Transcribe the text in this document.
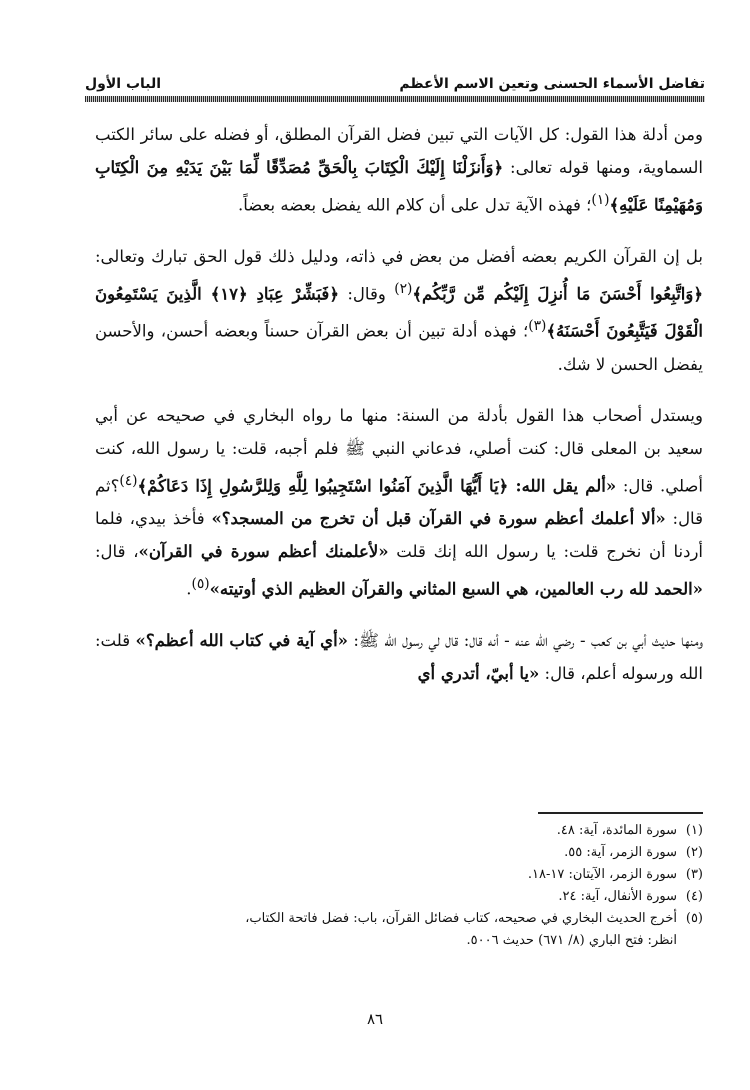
تفاضل الأسماء الحسنى وتعين الاسم الأعظم
الباب الأول

ومن أدلة هذا القول: كل الآيات التي تبين فضل القرآن المطلق، أو فضله على سائر الكتب السماوية، ومنها قوله تعالى: ﴿وَأَنزَلْنَا إِلَيْكَ الْكِتَابَ بِالْحَقِّ مُصَدِّقًا لِّمَا بَيْنَ يَدَيْهِ مِنَ الْكِتَابِ وَمُهَيْمِنًا عَلَيْهِ﴾$^{(١)}$؛ فهذه الآية تدل على أن كلام الله يفضل بعضه بعضاً.

بل إن القرآن الكريم بعضه أفضل من بعض في ذاته، ودليل ذلك قول الحق تبارك وتعالى: ﴿وَاتَّبِعُوا أَحْسَنَ مَا أُنزِلَ إِلَيْكُم مِّن رَّبِّكُم﴾$^{(٢)}$ وقال: ﴿فَبَشِّرْ عِبَادِ ﴿١٧﴾ الَّذِينَ يَسْتَمِعُونَ الْقَوْلَ فَيَتَّبِعُونَ أَحْسَنَهُ﴾$^{(٣)}$؛ فهذه أدلة تبين أن بعض القرآن حسناً وبعضه أحسن، والأحسن يفضل الحسن لا شك.

ويستدل أصحاب هذا القول بأدلة من السنة: منها ما رواه البخاري في صحيحه عن أبي سعيد بن المعلى قال: كنت أصلي، فدعاني النبي ﷺ فلم أجبه، قلت: يا رسول الله، كنت أصلي. قال: «ألم يقل الله: ﴿يَا أَيُّهَا الَّذِينَ آمَنُوا اسْتَجِيبُوا لِلَّهِ وَلِلرَّسُولِ إِذَا دَعَاكُمْ﴾$^{(٤)}$؟ثم قال: «ألا أعلمك أعظم سورة في القرآن قبل أن تخرج من المسجد؟» فأخذ بيدي، فلما أردنا أن نخرج قلت: يا رسول الله إنك قلت «لأعلمنك أعظم سورة في القرآن»، قال: «الحمد لله رب العالمين، هي السبع المثاني والقرآن العظيم الذي أوتيته»$^{(٥)}$.

ومنها حديث أبي بن كعب - رضي الله عنه - أنه قال: قال لي رسول الله ﷺ: «أي آية في كتاب الله أعظم؟» قلت: الله ورسوله أعلم، قال: «يا أبيّ، أتدري أي

(١)سورة المائدة، آية: ٤٨.
(٢)سورة الزمر، آية: ٥٥.
(٣)سورة الزمر، الآيتان: ١٧-١٨.
(٤)سورة الأنفال، آية: ٢٤.
(٥)أخرج الحديث البخاري في صحيحه، كتاب فضائل القرآن، باب: فضل فاتحة الكتاب،
انظر: فتح الباري (٨/ ٦٧١) حديث ٥٠٠٦.
٨٦
